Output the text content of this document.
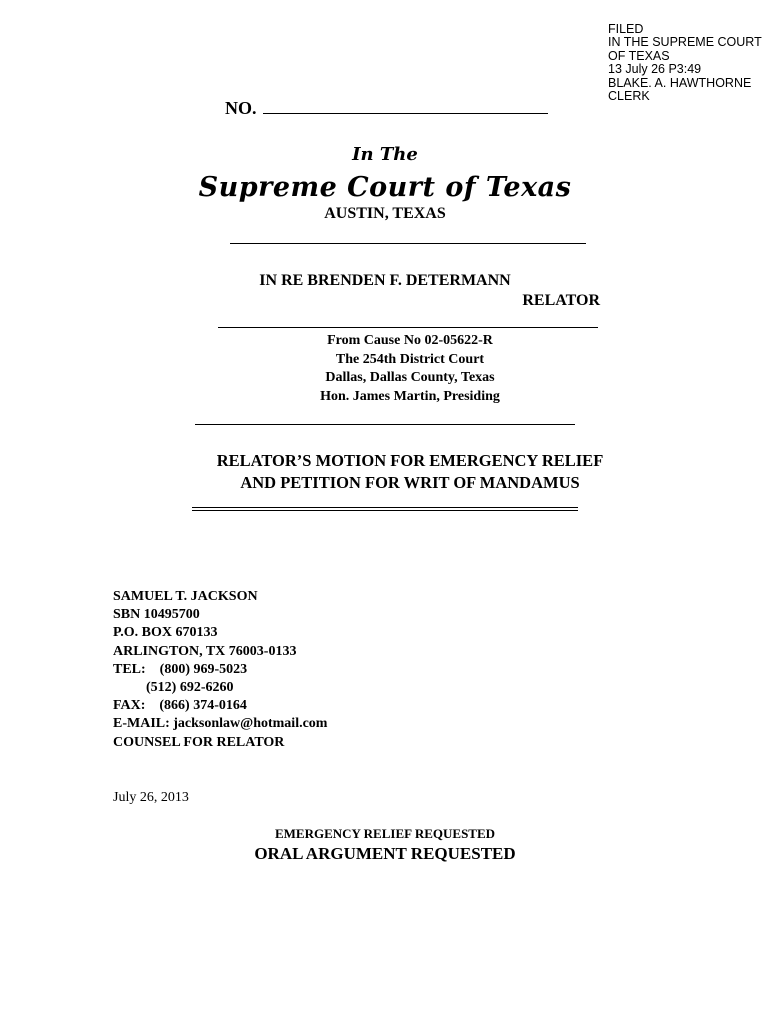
FILED
IN THE SUPREME COURT
OF TEXAS
13 July 26 P3:49
BLAKE. A. HAWTHORNE
CLERK
NO.
In The
Supreme Court of Texas
AUSTIN, TEXAS
IN RE BRENDEN F. DETERMANN
RELATOR
From Cause No 02-05622-R
The 254th District Court
Dallas, Dallas County, Texas
Hon. James Martin, Presiding
RELATOR’S MOTION FOR EMERGENCY RELIEF
AND PETITION FOR WRIT OF MANDAMUS
SAMUEL T. JACKSON
SBN 10495700
P.O. BOX 670133
ARLINGTON, TX 76003-0133
TEL:    (800) 969-5023
(512) 692-6260
FAX:    (866) 374-0164
E-MAIL: jacksonlaw@hotmail.com
COUNSEL FOR RELATOR
July 26, 2013
EMERGENCY RELIEF REQUESTED
ORAL ARGUMENT REQUESTED
